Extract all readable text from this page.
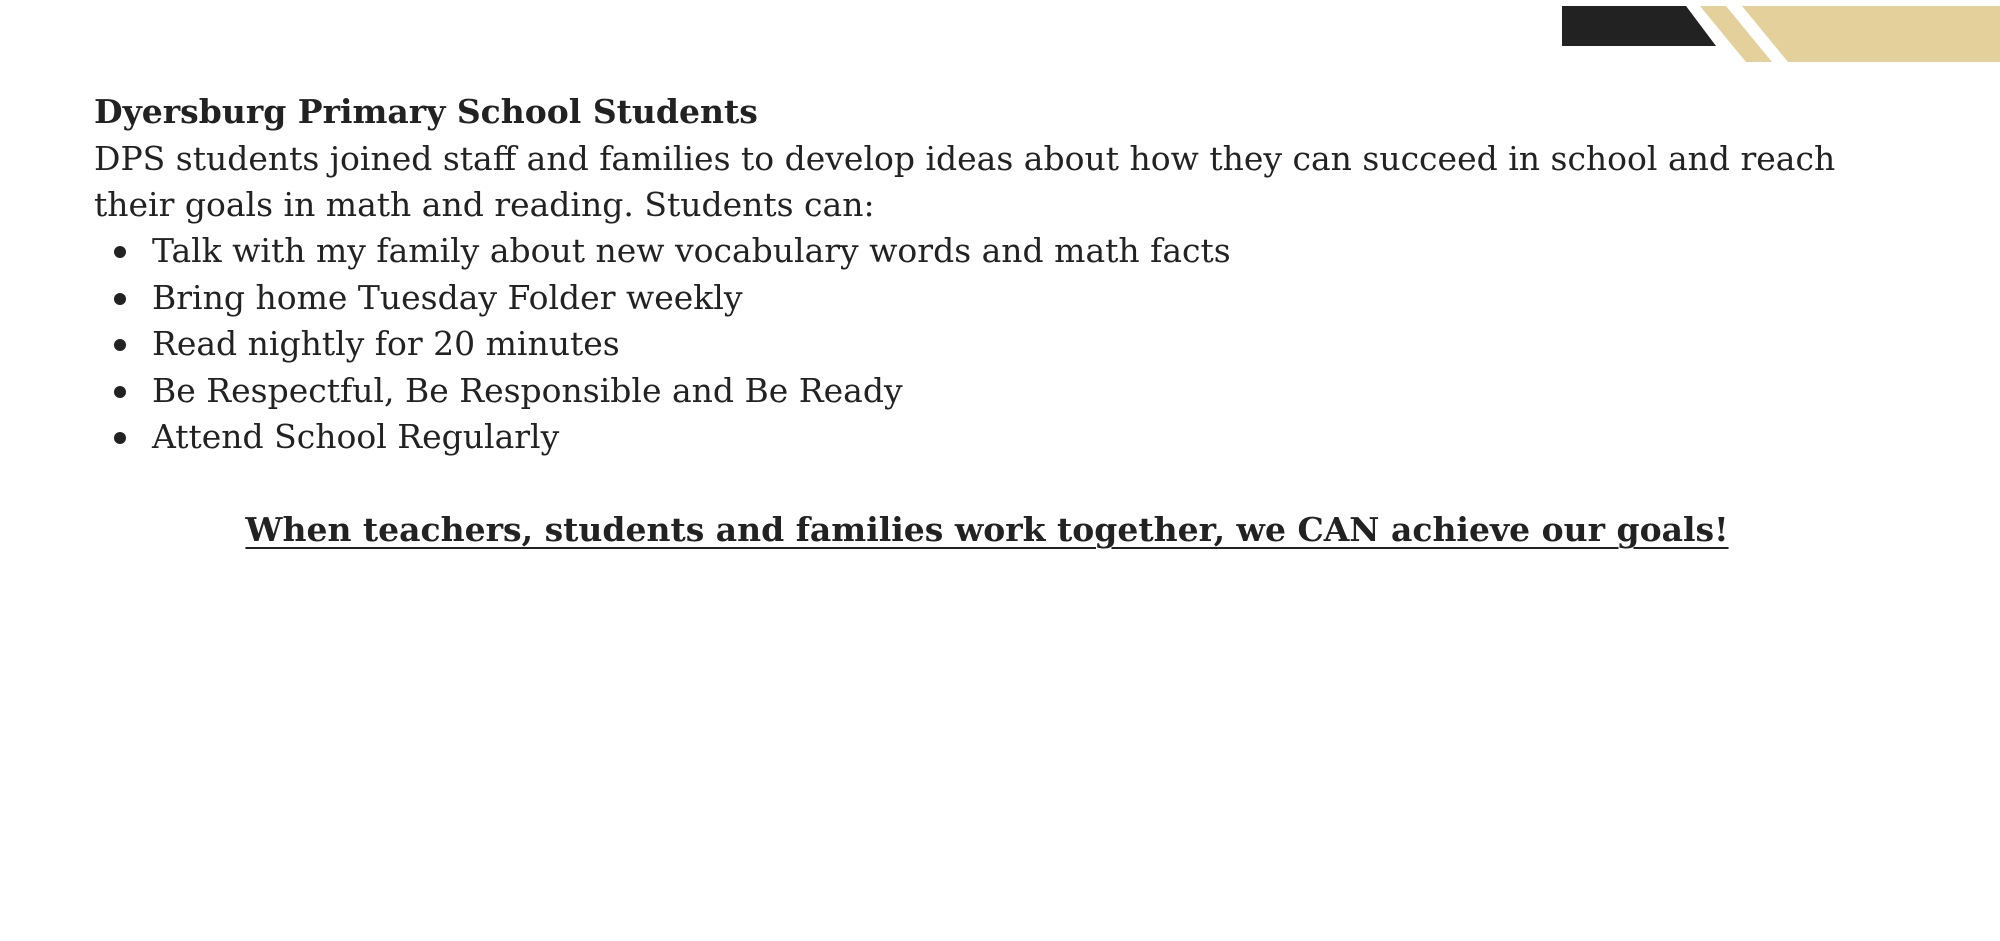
Dyersburg Primary School Students

DPS students joined staff and families to develop ideas about how they can succeed in school and reach their goals in math and reading. Students can:

Talk with my family about new vocabulary words and math facts
Bring home Tuesday Folder weekly
Read nightly for 20 minutes
Be Respectful, Be Responsible and Be Ready
Attend School Regularly

When teachers, students and families work together, we CAN achieve our goals!
